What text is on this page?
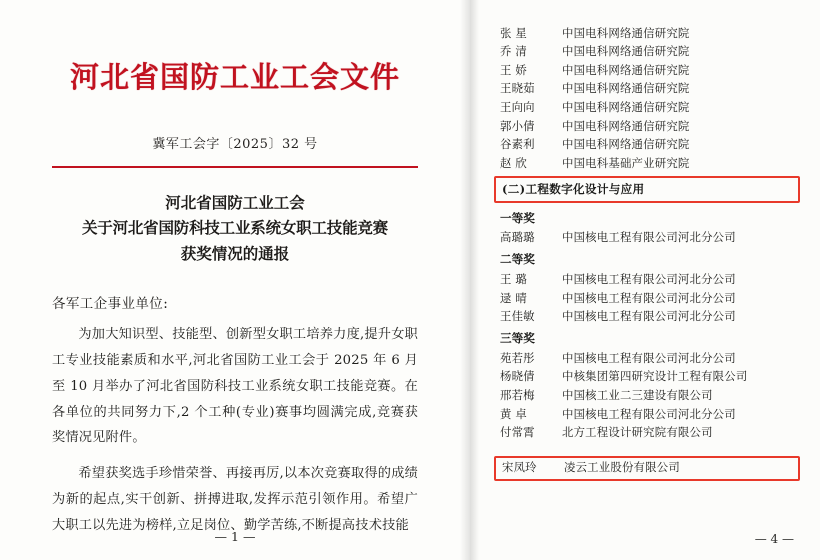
河北省国防工业工会文件
冀军工会字〔2025〕32 号
河北省国防工业工会
关于河北省国防科技工业系统女职工技能竞赛
获奖情况的通报
各军工企事业单位:
为加大知识型、技能型、创新型女职工培养力度,提升女职工专业技能素质和水平,河北省国防工业工会于 2025 年 6 月至 10 月举办了河北省国防科技工业系统女职工技能竞赛。在各单位的共同努力下,2 个工种(专业)赛事均圆满完成,竞赛获奖情况见附件。
希望获奖选手珍惜荣誉、再接再厉,以本次竞赛取得的成绩为新的起点,实干创新、拼搏进取,发挥示范引领作用。希望广大职工以先进为榜样,立足岗位、勤学苦练,不断提高技术技能
— 1 —
张 星	中国电科网络通信研究院
乔 清	中国电科网络通信研究院
王 娇	中国电科网络通信研究院
王晓茹	中国电科网络通信研究院
王向向	中国电科网络通信研究院
郭小倩	中国电科网络通信研究院
谷素利	中国电科网络通信研究院
赵 欣	中国电科基础产业研究院
(二)工程数字化设计与应用
一等奖
高璐璐	中国核电工程有限公司河北分公司
二等奖
王 璐	中国核电工程有限公司河北分公司
逯 晴	中国核电工程有限公司河北分公司
王佳敏	中国核电工程有限公司河北分公司
三等奖
苑若彤	中国核电工程有限公司河北分公司
杨晓倩	中核集团第四研究设计工程有限公司
邢若梅	中国核工业二三建设有限公司
黄 卓	中国核电工程有限公司河北分公司
付常霄	北方工程设计研究院有限公司
宋凤玲	凌云工业股份有限公司
— 4 —
